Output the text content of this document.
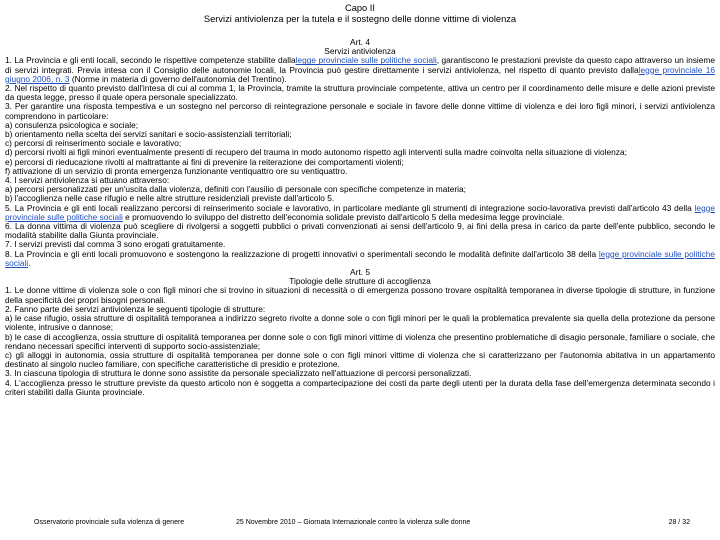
Capo II
Servizi antiviolenza per la tutela e il sostegno delle donne vittime di violenza

Art. 4

Servizi antiviolenza

1. La Provincia e gli enti locali, secondo le rispettive competenze stabilite dallalegge provinciale sulle politiche sociali, garantiscono le prestazioni previste da questo capo attraverso un insieme di servizi integrati. Previa intesa con il Consiglio delle autonomie locali, la Provincia può gestire direttamente i servizi antiviolenza, nel rispetto di quanto previsto dallalegge provinciale 16 giugno 2006, n. 3 (Norme in materia di governo dell'autonomia del Trentino).

2. Nel rispetto di quanto previsto dall'intesa di cui al comma 1, la Provincia, tramite la struttura provinciale competente, attiva un centro per il coordinamento delle misure e delle azioni previste da questa legge, presso il quale opera personale specializzato.

3. Per garantire una risposta tempestiva e un sostegno nel percorso di reintegrazione personale e sociale in favore delle donne vittime di violenza e dei loro figli minori, i servizi antiviolenza comprendono in particolare:

a) consulenza psicologica e sociale;

b) orientamento nella scelta dei servizi sanitari e socio-assistenziali territoriali;

c) percorsi di reinserimento sociale e lavorativo;

d) percorsi rivolti ai figli minori eventualmente presenti di recupero del trauma in modo autonomo rispetto agli interventi sulla madre coinvolta nella situazione di violenza;

e) percorsi di rieducazione rivolti al maltrattante ai fini di prevenire la reiterazione dei comportamenti violenti;

f) attivazione di un servizio di pronta emergenza funzionante ventiquattro ore su ventiquattro.

4. I servizi antiviolenza si attuano attraverso:

a) percorsi personalizzati per un'uscita dalla violenza, definiti con l'ausilio di personale con specifiche competenze in materia;

b) l'accoglienza nelle case rifugio e nelle altre strutture residenziali previste dall'articolo 5.

5. La Provincia e gli enti locali realizzano percorsi di reinserimento sociale e lavorativo, in particolare mediante gli strumenti di integrazione socio-lavorativa previsti dall'articolo 43 della legge provinciale sulle politiche sociali e promuovendo lo sviluppo del distretto dell'economia solidale previsto dall'articolo 5 della medesima legge provinciale.

6. La donna vittima di violenza può scegliere di rivolgersi a soggetti pubblici o privati convenzionati ai sensi dell'articolo 9, ai fini della presa in carico da parte dell'ente pubblico, secondo le modalità stabilite dalla Giunta provinciale.

7. I servizi previsti dal comma 3 sono erogati gratuitamente.

8. La Provincia e gli enti locali promuovono e sostengono la realizzazione di progetti innovativi o sperimentali secondo le modalità definite dall'articolo 38 della legge provinciale sulle politiche sociali.

Art. 5

Tipologie delle strutture di accoglienza

1. Le donne vittime di violenza sole o con figli minori che si trovino in situazioni di necessità o di emergenza possono trovare ospitalità temporanea in diverse tipologie di strutture, in funzione della specificità dei propri bisogni personali.

2. Fanno parte dei servizi antiviolenza le seguenti tipologie di strutture:

a) le case rifugio, ossia strutture di ospitalità temporanea a indirizzo segreto rivolte a donne sole o con figli minori per le quali la problematica prevalente sia quella della protezione da persone violente, intrusive o dannose;

b) le case di accoglienza, ossia strutture di ospitalità temporanea per donne sole o con figli minori vittime di violenza che presentino problematiche di disagio personale, familiare o sociale, che rendano necessari specifici interventi di supporto socio-assistenziale;

c) gli alloggi in autonomia, ossia strutture di ospitalità temporanea per donne sole o con figli minori vittime di violenza che si caratterizzano per l'autonomia abitativa in un appartamento destinato al singolo nucleo familiare, con specifiche caratteristiche di presidio e protezione.

3. In ciascuna tipologia di struttura le donne sono assistite da personale specializzato nell'attuazione di percorsi personalizzati.

4. L'accoglienza presso le strutture previste da questo articolo non è soggetta a compartecipazione dei costi da parte degli utenti per la durata della fase dell'emergenza determinata secondo i criteri stabiliti dalla Giunta provinciale.

Osservatorio provinciale sulla violenza di genere	25 Novembre 2010 – Giornata Internazionale contro la violenza sulle donne	28 / 32
